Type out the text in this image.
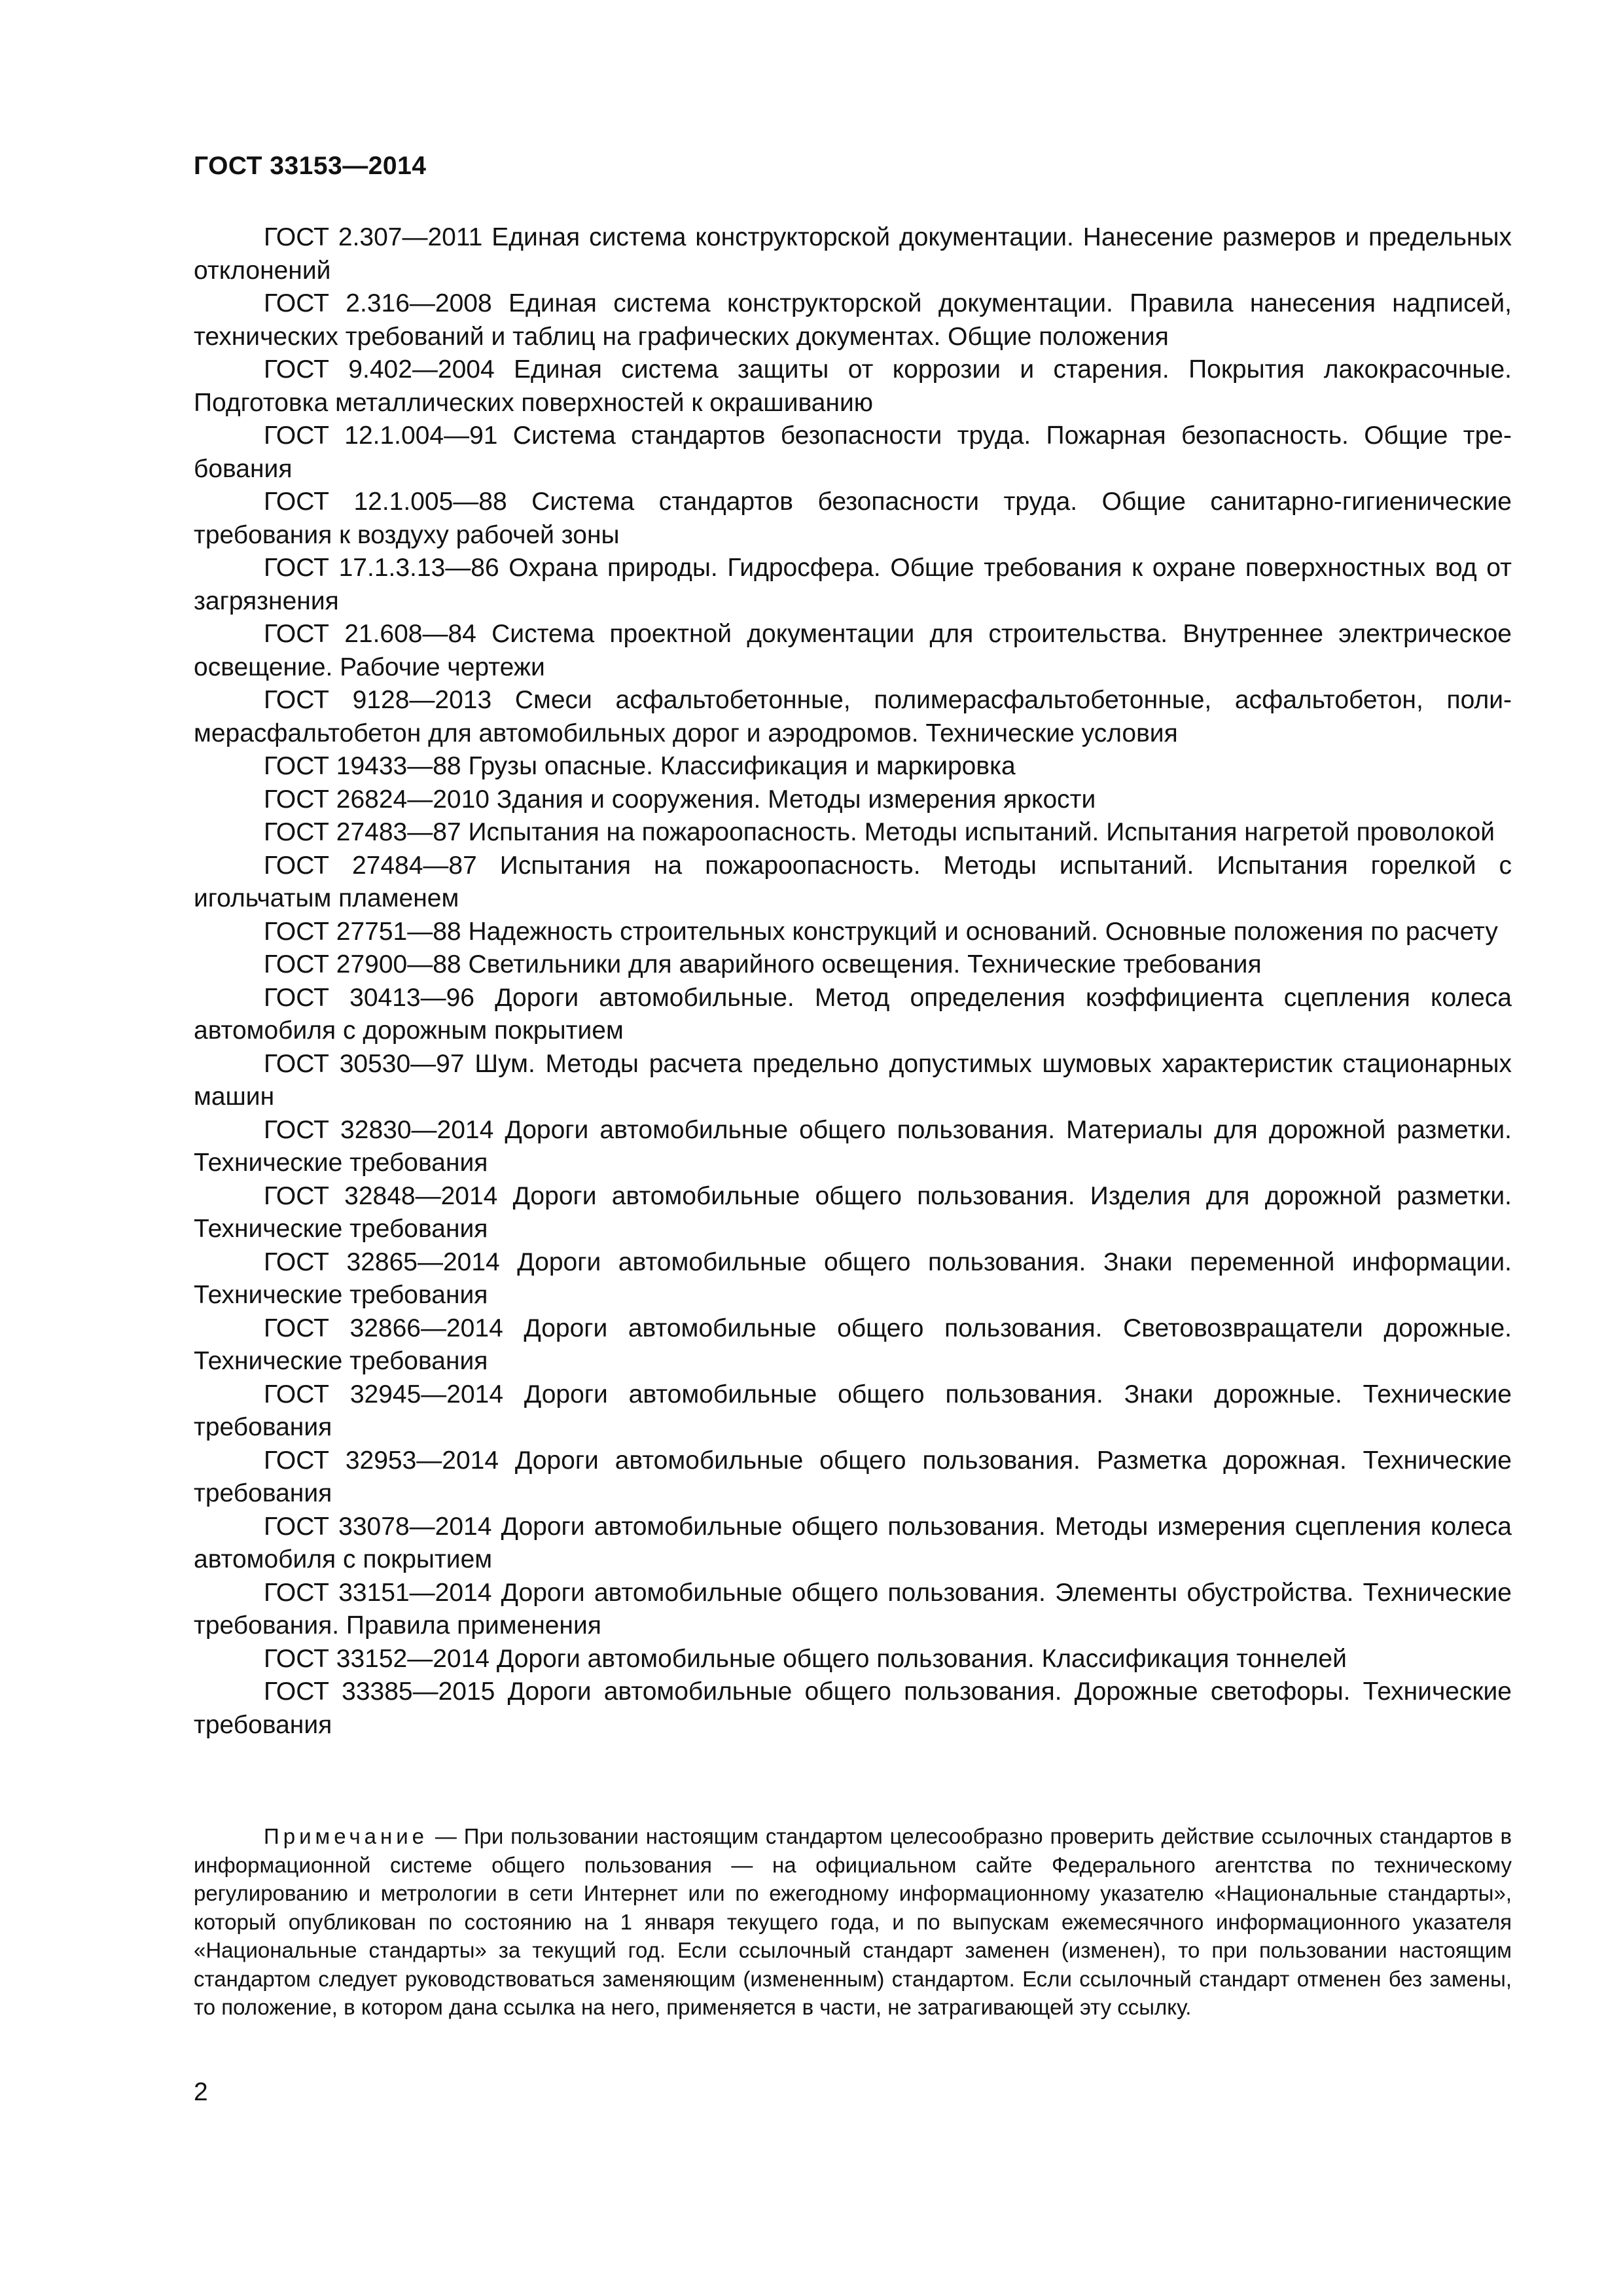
ГОСТ 33153—2014

ГОСТ 2.307—2011 Единая система конструкторской документации. Нанесение размеров и предельных отклонений

ГОСТ 2.316—2008 Единая система конструкторской документации. Правила нанесения надписей, технических требований и таблиц на графических документах. Общие положения

ГОСТ 9.402—2004 Единая система защиты от коррозии и старения. Покрытия лакокрасочные. Подготовка металлических поверхностей к окрашиванию

ГОСТ 12.1.004—91 Система стандартов безопасности труда. Пожарная безопасность. Общие требования

ГОСТ 12.1.005—88 Система стандартов безопасности труда. Общие санитарно-гигиенические требования к воздуху рабочей зоны

ГОСТ 17.1.3.13—86 Охрана природы. Гидросфера. Общие требования к охране поверхностных вод от загрязнения

ГОСТ 21.608—84 Система проектной документации для строительства. Внутреннее электрическое освещение. Рабочие чертежи

ГОСТ 9128—2013 Смеси асфальтобетонные, полимерасфальтобетонные, асфальтобетон, полимерасфальтобетон для автомобильных дорог и аэродромов. Технические условия

ГОСТ 19433—88 Грузы опасные. Классификация и маркировка

ГОСТ 26824—2010 Здания и сооружения. Методы измерения яркости

ГОСТ 27483—87 Испытания на пожароопасность. Методы испытаний. Испытания нагретой проволокой

ГОСТ 27484—87 Испытания на пожароопасность. Методы испытаний. Испытания горелкой с игольчатым пламенем

ГОСТ 27751—88 Надежность строительных конструкций и оснований. Основные положения по расчету

ГОСТ 27900—88 Светильники для аварийного освещения. Технические требования

ГОСТ 30413—96 Дороги автомобильные. Метод определения коэффициента сцепления колеса автомобиля с дорожным покрытием

ГОСТ 30530—97 Шум. Методы расчета предельно допустимых шумовых характеристик стационарных машин

ГОСТ 32830—2014 Дороги автомобильные общего пользования. Материалы для дорожной разметки. Технические требования

ГОСТ 32848—2014 Дороги автомобильные общего пользования. Изделия для дорожной разметки. Технические требования

ГОСТ 32865—2014 Дороги автомобильные общего пользования. Знаки переменной информации. Технические требования

ГОСТ 32866—2014 Дороги автомобильные общего пользования. Световозвращатели дорожные. Технические требования

ГОСТ 32945—2014 Дороги автомобильные общего пользования. Знаки дорожные. Технические требования

ГОСТ 32953—2014 Дороги автомобильные общего пользования. Разметка дорожная. Технические требования

ГОСТ 33078—2014 Дороги автомобильные общего пользования. Методы измерения сцепления колеса автомобиля с покрытием

ГОСТ 33151—2014 Дороги автомобильные общего пользования. Элементы обустройства. Технические требования. Правила применения

ГОСТ 33152—2014 Дороги автомобильные общего пользования. Классификация тоннелей

ГОСТ 33385—2015 Дороги автомобильные общего пользования. Дорожные светофоры. Технические требования

Примечание — При пользовании настоящим стандартом целесообразно проверить действие ссылочных стандартов в информационной системе общего пользования — на официальном сайте Федерального агентства по техническому регулированию и метрологии в сети Интернет или по ежегодному информационному указателю «Национальные стандарты», который опубликован по состоянию на 1 января текущего года, и по выпускам ежемесячного информационного указателя «Национальные стандарты» за текущий год. Если ссылочный стандарт заменен (изменен), то при пользовании настоящим стандартом следует руководствоваться заменяющим (измененным) стандартом. Если ссылочный стандарт отменен без замены, то положение, в котором дана ссылка на него, применяется в части, не затрагивающей эту ссылку.

2
